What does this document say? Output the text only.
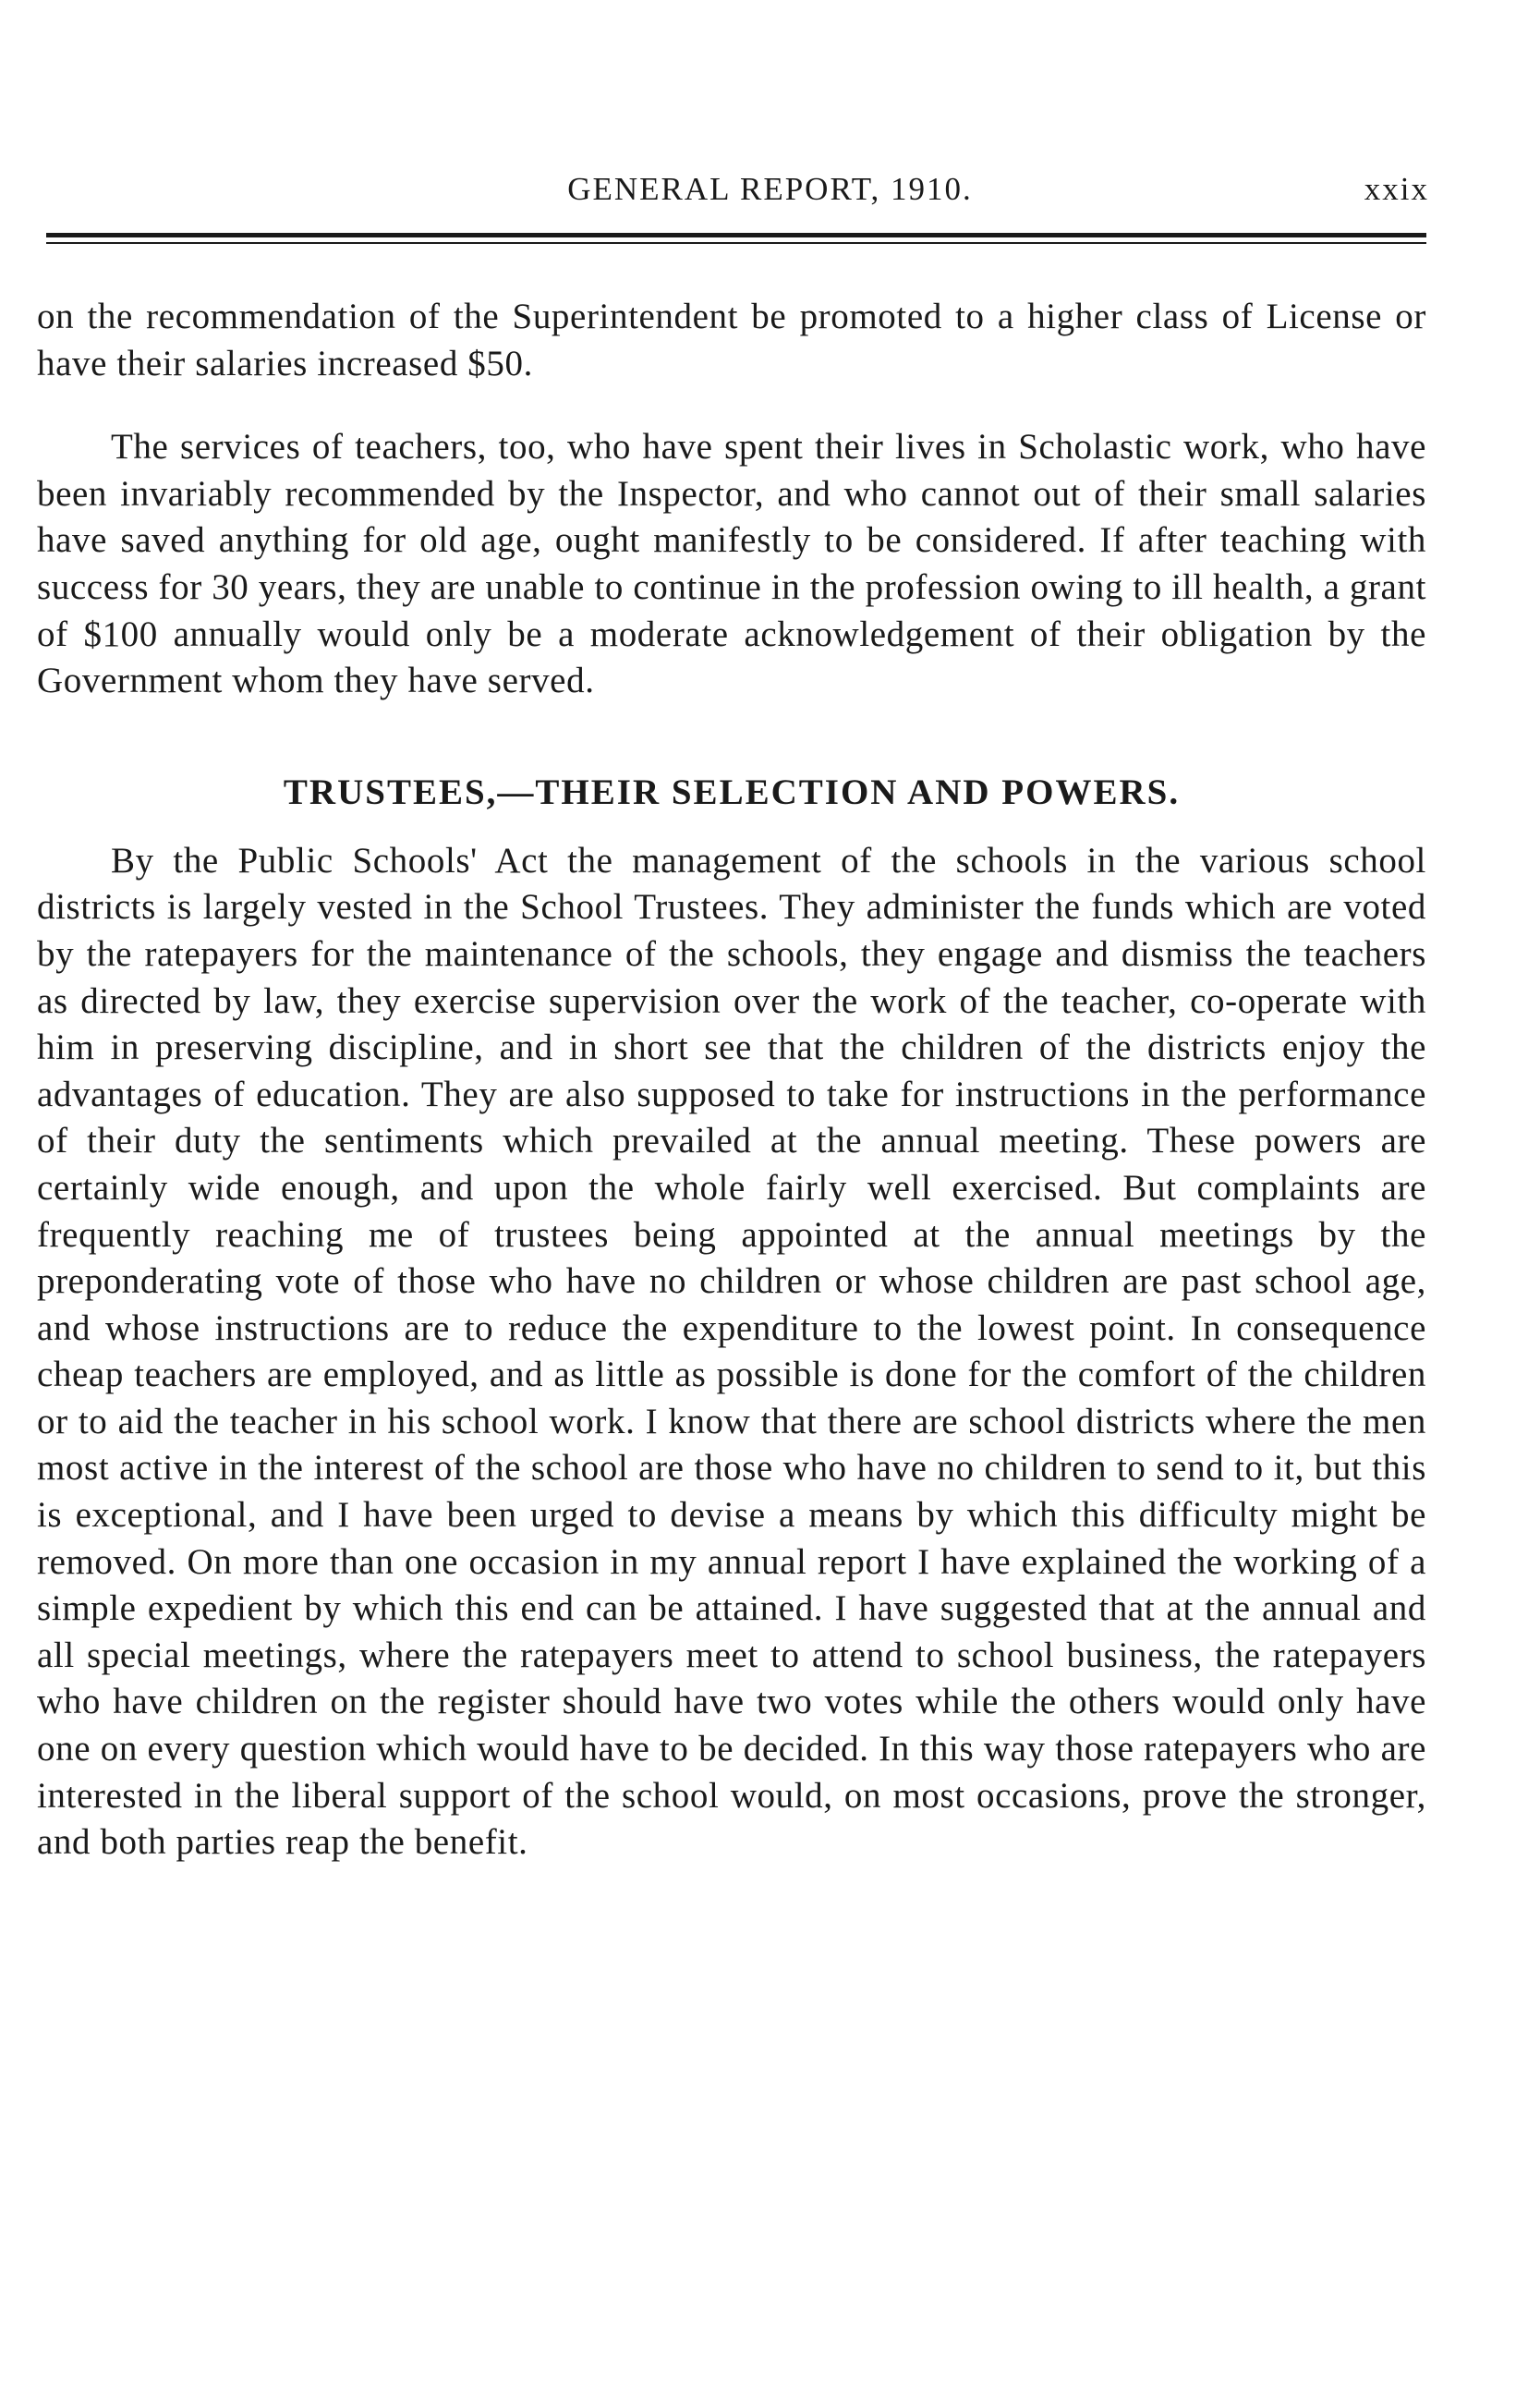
GENERAL REPORT, 1910.	xxix

on the recommendation of the Superintendent be promoted to a higher class of License or have their salaries increased $50.

The services of teachers, too, who have spent their lives in Scholastic work, who have been invariably recommended by the Inspector, and who cannot out of their small salaries have saved anything for old age, ought manifestly to be considered. If after teaching with success for 30 years, they are unable to continue in the profession owing to ill health, a grant of $100 annually would only be a moderate acknowledgement of their obligation by the Government whom they have served.

TRUSTEES,—THEIR SELECTION AND POWERS.

By the Public Schools' Act the management of the schools in the various school districts is largely vested in the School Trustees. They administer the funds which are voted by the ratepayers for the maintenance of the schools, they engage and dismiss the teachers as directed by law, they exercise supervision over the work of the teacher, co-operate with him in preserving discipline, and in short see that the children of the districts enjoy the advantages of education. They are also supposed to take for instructions in the performance of their duty the sentiments which prevailed at the annual meeting. These powers are certainly wide enough, and upon the whole fairly well exercised. But complaints are frequently reaching me of trustees being appointed at the annual meetings by the preponderating vote of those who have no children or whose children are past school age, and whose instructions are to reduce the expenditure to the lowest point. In consequence cheap teachers are employed, and as little as possible is done for the comfort of the children or to aid the teacher in his school work. I know that there are school districts where the men most active in the interest of the school are those who have no children to send to it, but this is exceptional, and I have been urged to devise a means by which this difficulty might be removed. On more than one occasion in my annual report I have explained the working of a simple expedient by which this end can be attained. I have suggested that at the annual and all special meetings, where the ratepayers meet to attend to school business, the ratepayers who have children on the register should have two votes while the others would only have one on every question which would have to be decided. In this way those ratepayers who are interested in the liberal support of the school would, on most occasions, prove the stronger, and both parties reap the benefit.
